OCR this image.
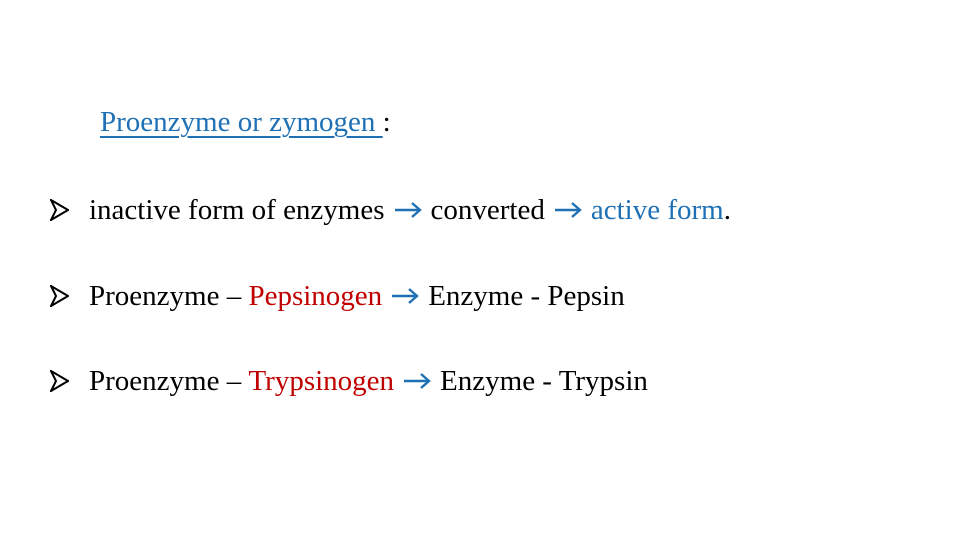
Proenzyme or zymogen :
inactive form of enzymes converted active form .
Proenzyme – Pepsinogen Enzyme - Pepsin
Proenzyme – Trypsinogen Enzyme - Trypsin
